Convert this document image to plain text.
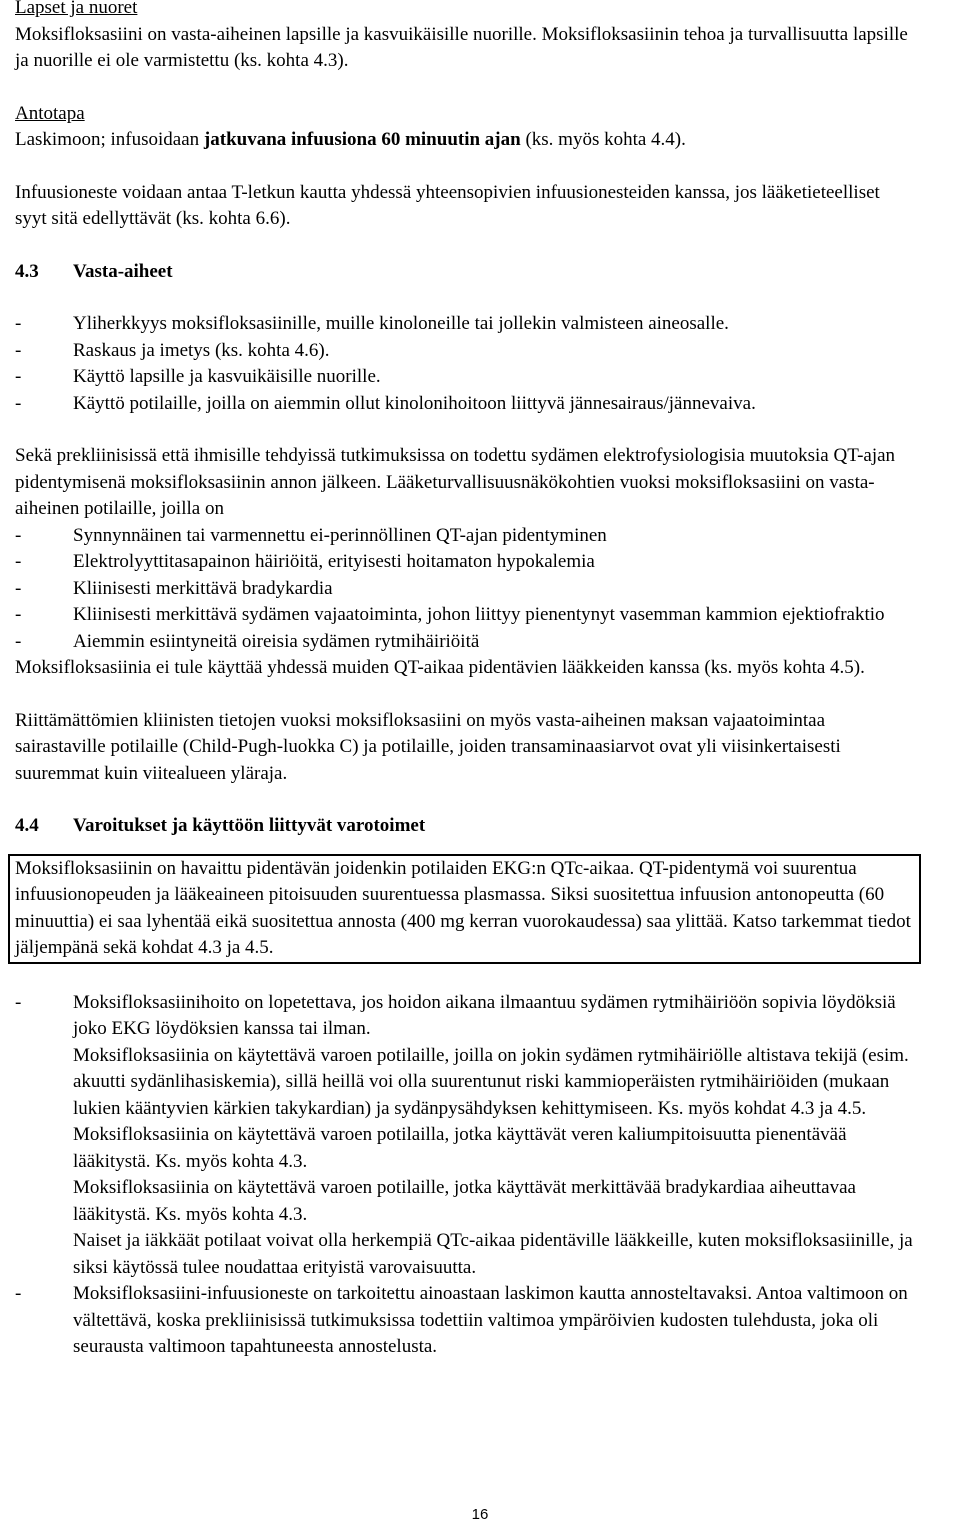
Lapset ja nuoret

Moksifloksasiini on vasta-aiheinen lapsille ja kasvuikäisille nuorille. Moksifloksasiinin tehoa ja turvallisuutta lapsille ja nuorille ei ole varmistettu (ks. kohta 4.3).

Antotapa

Laskimoon; infusoidaan jatkuvana infuusiona 60 minuutin ajan (ks. myös kohta 4.4).

Infuusioneste voidaan antaa T-letkun kautta yhdessä yhteensopivien infuusionesteiden kanssa, jos lääketieteelliset syyt sitä edellyttävät (ks. kohta 6.6).

4.3	Vasta-aiheet
-	Yliherkkyys moksifloksasiinille, muille kinoloneille tai jollekin valmisteen aineosalle.
-	Raskaus ja imetys (ks. kohta 4.6).
-	Käyttö lapsille ja kasvuikäisille nuorille.
-	Käyttö potilaille, joilla on aiemmin ollut kinolonihoitoon liittyvä jännesairaus/jännevaiva.

Sekä prekliinisissä että ihmisille tehdyissä tutkimuksissa on todettu sydämen elektrofysiologisia muutoksia QT-ajan pidentymisenä moksifloksasiinin annon jälkeen. Lääketurvallisuusnäkökohtien vuoksi moksifloksasiini on vasta-aiheinen potilaille, joilla on

-	Synnynnäinen tai varmennettu ei-perinnöllinen QT-ajan pidentyminen
-	Elektrolyyttitasapainon häiriöitä, erityisesti hoitamaton hypokalemia
-	Kliinisesti merkittävä bradykardia
-	Kliinisesti merkittävä sydämen vajaatoiminta, johon liittyy pienentynyt vasemman kammion ejektiofraktio
-	Aiemmin esiintyneitä oireisia sydämen rytmihäiriöitä

Moksifloksasiinia ei tule käyttää yhdessä muiden QT-aikaa pidentävien lääkkeiden kanssa (ks. myös kohta 4.5).

Riittämättömien kliinisten tietojen vuoksi moksifloksasiini on myös vasta-aiheinen maksan vajaatoimintaa sairastaville potilaille (Child-Pugh-luokka C) ja potilaille, joiden transaminaasiarvot ovat yli viisinkertaisesti suuremmat kuin viitealueen yläraja.

4.4	Varoitukset ja käyttöön liittyvät varotoimet

Moksifloksasiinin on havaittu pidentävän joidenkin potilaiden EKG:n QTc-aikaa. QT-pidentymä voi suurentua infuusionopeuden ja lääkeaineen pitoisuuden suurentuessa plasmassa. Siksi suositettua infuusion antonopeutta (60 minuuttia) ei saa lyhentää eikä suositettua annosta (400 mg kerran vuorokaudessa) saa ylittää. Katso tarkemmat tiedot jäljempänä sekä kohdat 4.3 ja 4.5.

-	Moksifloksasiinihoito on lopetettava, jos hoidon aikana ilmaantuu sydämen rytmihäiriöön sopivia löydöksiä joko EKG löydöksien kanssa tai ilman.
Moksifloksasiinia on käytettävä varoen potilaille, joilla on jokin sydämen rytmihäiriölle altistava tekijä (esim. akuutti sydänlihasiskemia), sillä heillä voi olla suurentunut riski kammioperäisten rytmihäiriöiden (mukaan lukien kääntyvien kärkien takykardian) ja sydänpysähdyksen kehittymiseen. Ks. myös kohdat 4.3 ja 4.5.
Moksifloksasiinia on käytettävä varoen potilailla, jotka käyttävät veren kaliumpitoisuutta pienentävää lääkitystä. Ks. myös kohta 4.3.
Moksifloksasiinia on käytettävä varoen potilaille, jotka käyttävät merkittävää bradykardiaa aiheuttavaa lääkitystä. Ks. myös kohta 4.3.
Naiset ja iäkkäät potilaat voivat olla herkempiä QTc-aikaa pidentäville lääkkeille, kuten moksifloksasiinille, ja siksi käytössä tulee noudattaa erityistä varovaisuutta.
-	Moksifloksasiini-infuusioneste on tarkoitettu ainoastaan laskimon kautta annosteltavaksi. Antoa valtimoon on vältettävä, koska prekliinisissä tutkimuksissa todettiin valtimoa ympäröivien kudosten tulehdusta, joka oli seurausta valtimoon tapahtuneesta annostelusta.
16
